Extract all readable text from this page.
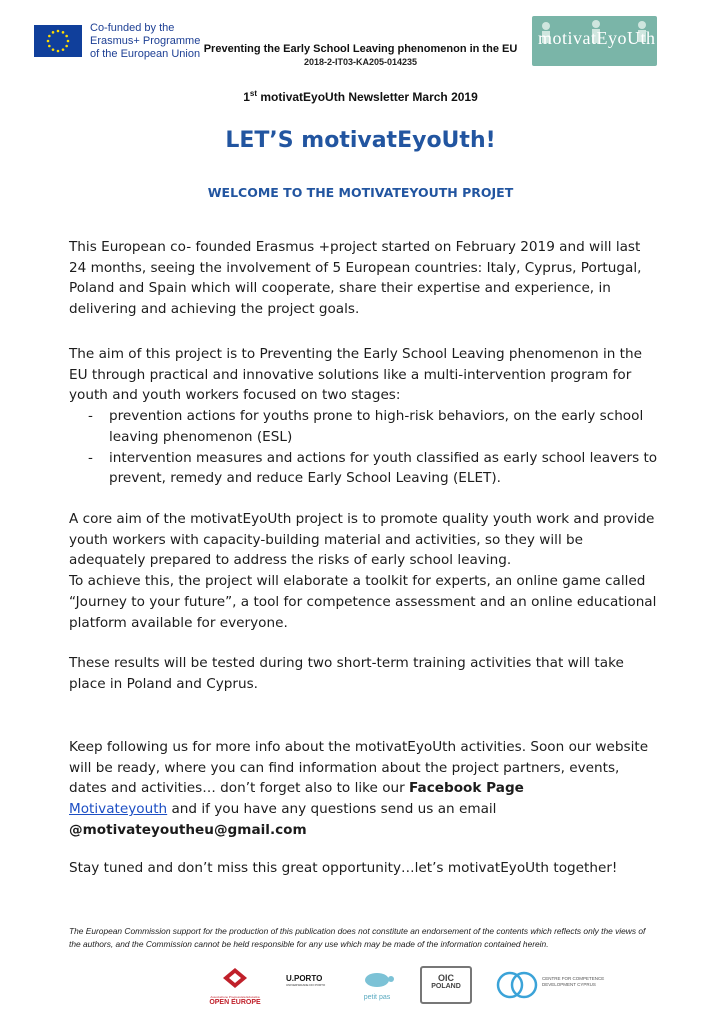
Co-funded by the
Erasmus+ Programme
of the European Union Preventing the Early School Leaving phenomenon in the EU
2018-2-IT03-KA205-014235
motivatEyoUth
1st motivatEyoUth Newsletter March 2019
LET’S motivatEyoUth!
WELCOME TO THE MOTIVATEYOUTH PROJET

This European co- founded Erasmus +project started on February 2019 and will last 24 months, seeing the involvement of 5 European countries: Italy, Cyprus, Portugal, Poland and Spain which will cooperate, share their expertise and experience, in delivering and achieving the project goals.

The aim of this project is to Preventing the Early School Leaving phenomenon in the EU through practical and innovative solutions like a multi-intervention program for youth and youth workers focused on two stages:

- prevention actions for youths prone to high-risk behaviors, on the early school leaving phenomenon (ESL)
- intervention measures and actions for youth classified as early school leavers to prevent, remedy and reduce Early School Leaving (ELET).

A core aim of the motivatEyoUth project is to promote quality youth work and provide youth workers with capacity-building material and activities, so they will be adequately prepared to address the risks of early school leaving.

To achieve this, the project will elaborate a toolkit for experts, an online game called “Journey to your future”, a tool for competence assessment and an online educational platform available for everyone.

These results will be tested during two short-term training activities that will take place in Poland and Cyprus.

Keep following us for more info about the motivatEyoUth activities. Soon our website will be ready, where you can find information about the project partners, events, dates and activities… don’t forget also to like our Facebook Page
Motivateyouth and if you have any questions send us an email
@motivateyoutheu@gmail.com

Stay tuned and don’t miss this great opportunity…let’s motivatEyoUth together!

The European Commission support for the production of this publication does not constitute an endorsement of the contents which reflects only the views of the authors, and the Commission cannot be held responsible for any use which may be made of the information contained herein.
Associazione Progressista Educativa
OPEN EUROPE
U.PORTO
UNIVERSIDADE DO PORTO
petit pas
OIC
POLAND
CENTRE FOR COMPETENCE DEVELOPMENT CYPRUS
